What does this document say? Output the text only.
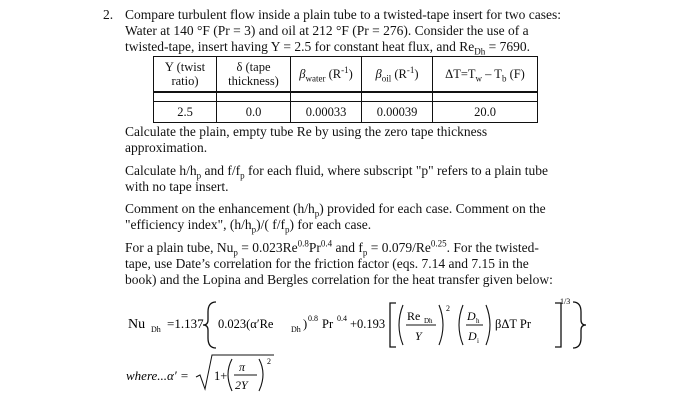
2. Compare turbulent flow inside a plain tube to a twisted-tape insert for two cases:
Water at 140 °F (Pr = 3) and oil at 212 °F (Pr = 276). Consider the use of a
twisted-tape, insert having Y = 2.5 for constant heat flux, and $Re_{Dh} = 7690$.
Y (twist
ratio)	δ (tape
thickness)	$\beta_{water}$ $(R^{-1})$	$\beta_{oil}$ $(R^{-1})$	$\Delta T=T_w - T_b$ (F)

2.5	0.0	0.00033	0.00039	20.0
Calculate the plain, empty tube Re by using the zero tape thickness
approximation.
Calculate $h/h_p$ and $f/f_p$ for each fluid, where subscript "p" refers to a plain tube
with no tape insert.
Comment on the enhancement $(h/h_p)$ provided for each case. Comment on the
"efficiency index", $(h/h_p)/$( $f/f_p$) for each case.
For a plain tube, $Nu_p = 0.023Re^{0.8}Pr^{0.4}$ and $f_p = 0.079/Re^{0.25}$. For the twisted-
tape, use Date’s correlation for the friction factor (eqs. 7.14 and 7.15 in the
book) and the Lopina and Bergles correlation for the heat transfer given below:
Nu Dh =1.137 0.023(α′Re Dh ) 0.8 Pr 0.4 +0.193
Re Dh
Y
2
D h
D i
βΔT Pr
1/3
where...α′ = 1+
π
2Y
2
